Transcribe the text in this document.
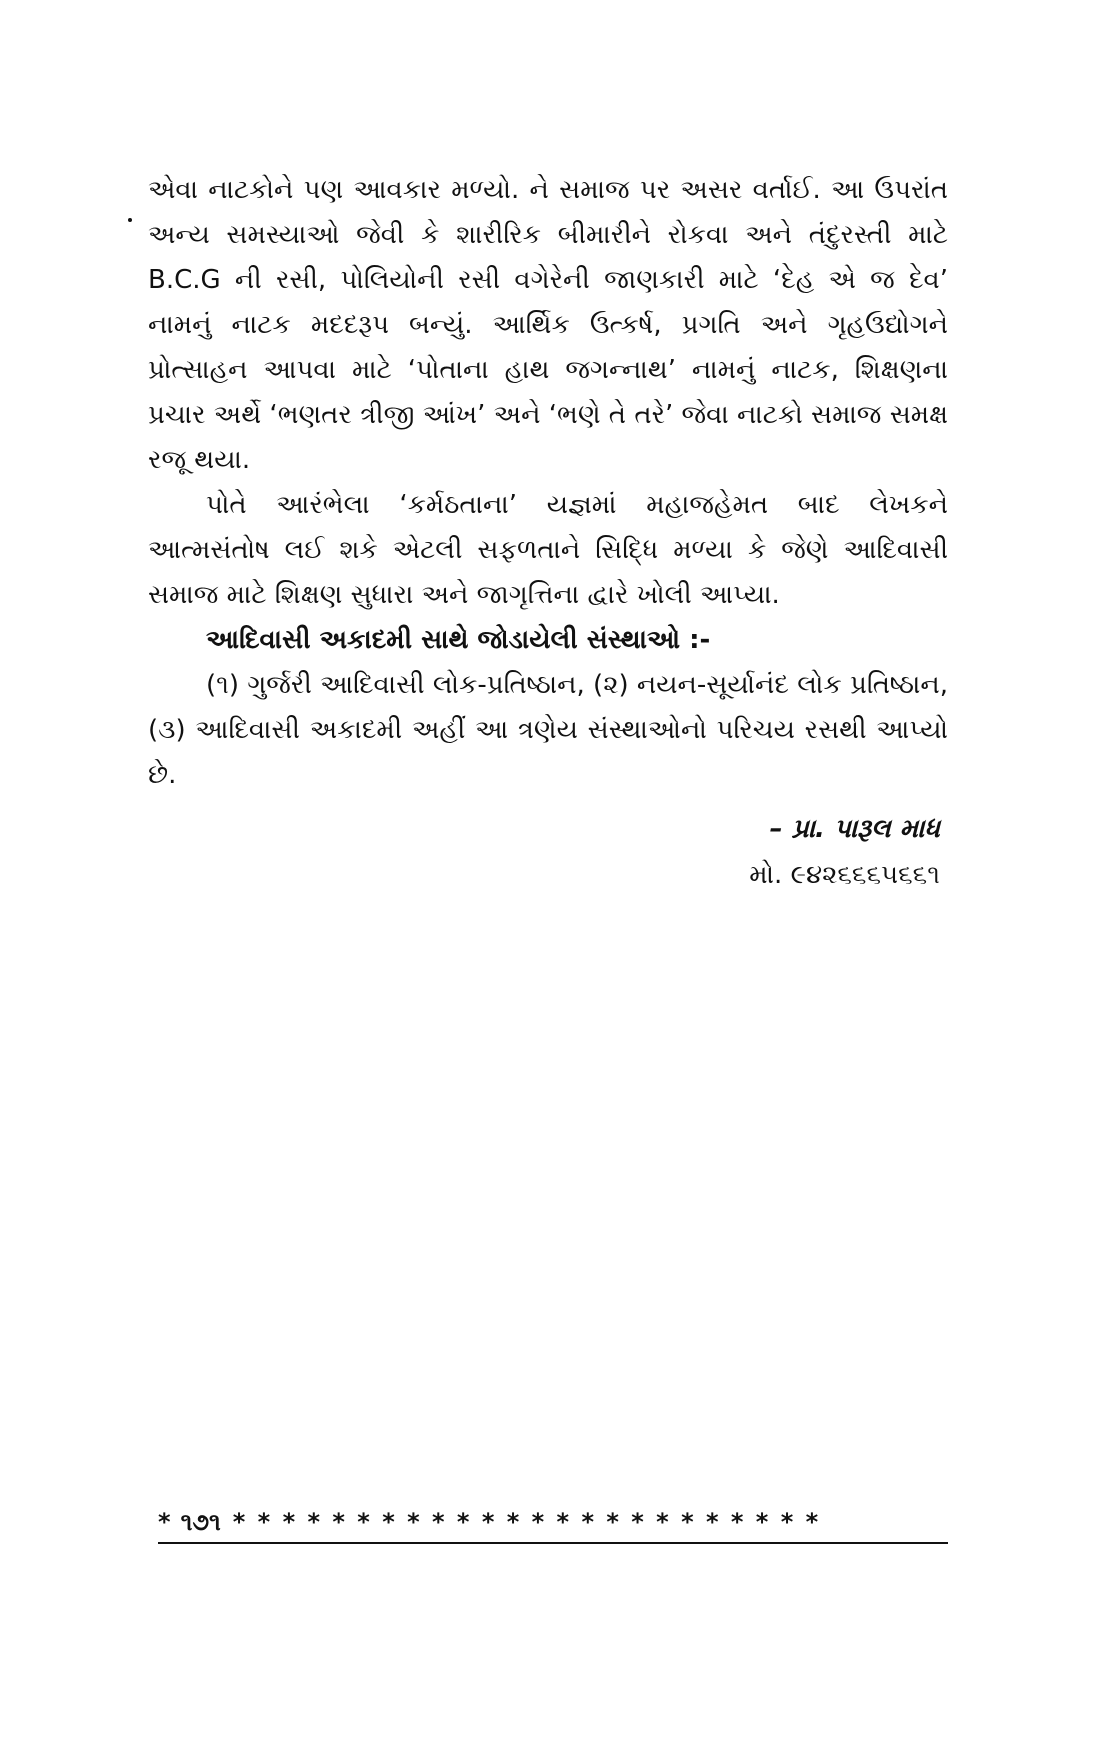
એવા નાટકોને પણ આવકાર મળ્યો. ને સમાજ પર અસર વર્તાઈ. આ ઉપરાંત અન્ય સમસ્યાઓ જેવી કે શારીરિક બીમારીને રોકવા અને તંદુરસ્તી માટે B.C.G ની રસી, પોલિયોની રસી વગેરેની જાણકારી માટે ‘દેહ એ જ દેવ’ નામનું નાટક મદદરૂપ બન્યું. આર્થિક ઉત્કર્ષ, પ્રગતિ અને ગૃહઉદ્યોગને પ્રોત્સાહન આપવા માટે ‘પોતાના હાથ જગન્નાથ’ નામનું નાટક, શિક્ષણના પ્રચાર અર્થે ‘ભણતર ત્રીજી આંખ’ અને ‘ભણે તે તરે’ જેવા નાટકો સમાજ સમક્ષ રજૂ થયા.

પોતે આરંભેલા ‘કર્મઠતાના’ યજ્ઞમાં મહાજહેમત બાદ લેખકને આત્મસંતોષ લઈ શકે એટલી સફળતાને સિદ્ધિ મળ્યા કે જેણે આદિવાસી સમાજ માટે શિક્ષણ સુધારા અને જાગૃત્તિના દ્વારે ખોલી આપ્યા.

આદિવાસી અકાદમી સાથે જોડાયેલી સંસ્થાઓ :-

(૧) ગુર્જરી આદિવાસી લોક-પ્રતિષ્ઠાન, (૨) નયન-સૂર્યાનંદ લોક પ્રતિષ્ઠાન, (૩) આદિવાસી અકાદમી અહીં આ ત્રણેય સંસ્થાઓનો પરિચય રસથી આપ્યો છે.

– પ્રા. પારૂલ માધ
મો. ૯૪૨૬૬૬૫૬૬૧
* ૧૭૧ * * * * * * * * * * * * * * * * * * * * * * * *
